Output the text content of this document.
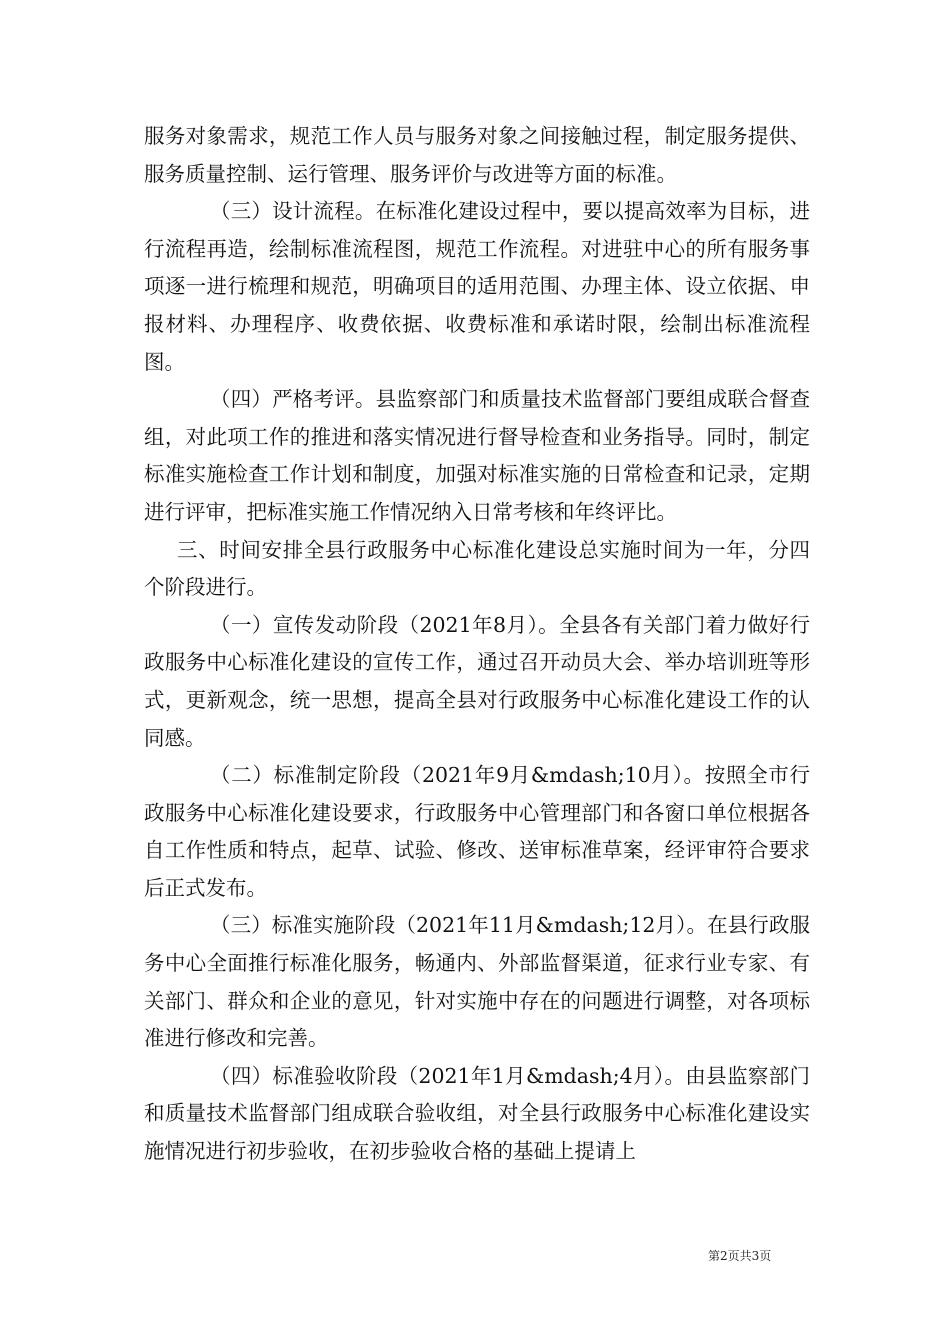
服务对象需求，规范工作人员与服务对象之间接触过程，制定服务提供、服务质量控制、运行管理、服务评价与改进等方面的标准。

（三）设计流程。在标准化建设过程中，要以提高效率为目标，进行流程再造，绘制标准流程图，规范工作流程。对进驻中心的所有服务事项逐一进行梳理和规范，明确项目的适用范围、办理主体、设立依据、申报材料、办理程序、收费依据、收费标准和承诺时限，绘制出标准流程图。

（四）严格考评。县监察部门和质量技术监督部门要组成联合督查组，对此项工作的推进和落实情况进行督导检查和业务指导。同时，制定标准实施检查工作计划和制度，加强对标准实施的日常检查和记录，定期进行评审，把标准实施工作情况纳入日常考核和年终评比。

三、时间安排全县行政服务中心标准化建设总实施时间为一年，分四个阶段进行。

（一）宣传发动阶段（2021年8月）。全县各有关部门着力做好行政服务中心标准化建设的宣传工作，通过召开动员大会、举办培训班等形式，更新观念，统一思想，提高全县对行政服务中心标准化建设工作的认同感。

（二）标准制定阶段（2021年9月&mdash;10月）。按照全市行政服务中心标准化建设要求，行政服务中心管理部门和各窗口单位根据各自工作性质和特点，起草、试验、修改、送审标准草案，经评审符合要求后正式发布。

（三）标准实施阶段（2021年11月&mdash;12月）。在县行政服务中心全面推行标准化服务，畅通内、外部监督渠道，征求行业专家、有关部门、群众和企业的意见，针对实施中存在的问题进行调整，对各项标准进行修改和完善。

（四）标准验收阶段（2021年1月&mdash;4月）。由县监察部门和质量技术监督部门组成联合验收组，对全县行政服务中心标准化建设实施情况进行初步验收，在初步验收合格的基础上提请上

第2页共3页
